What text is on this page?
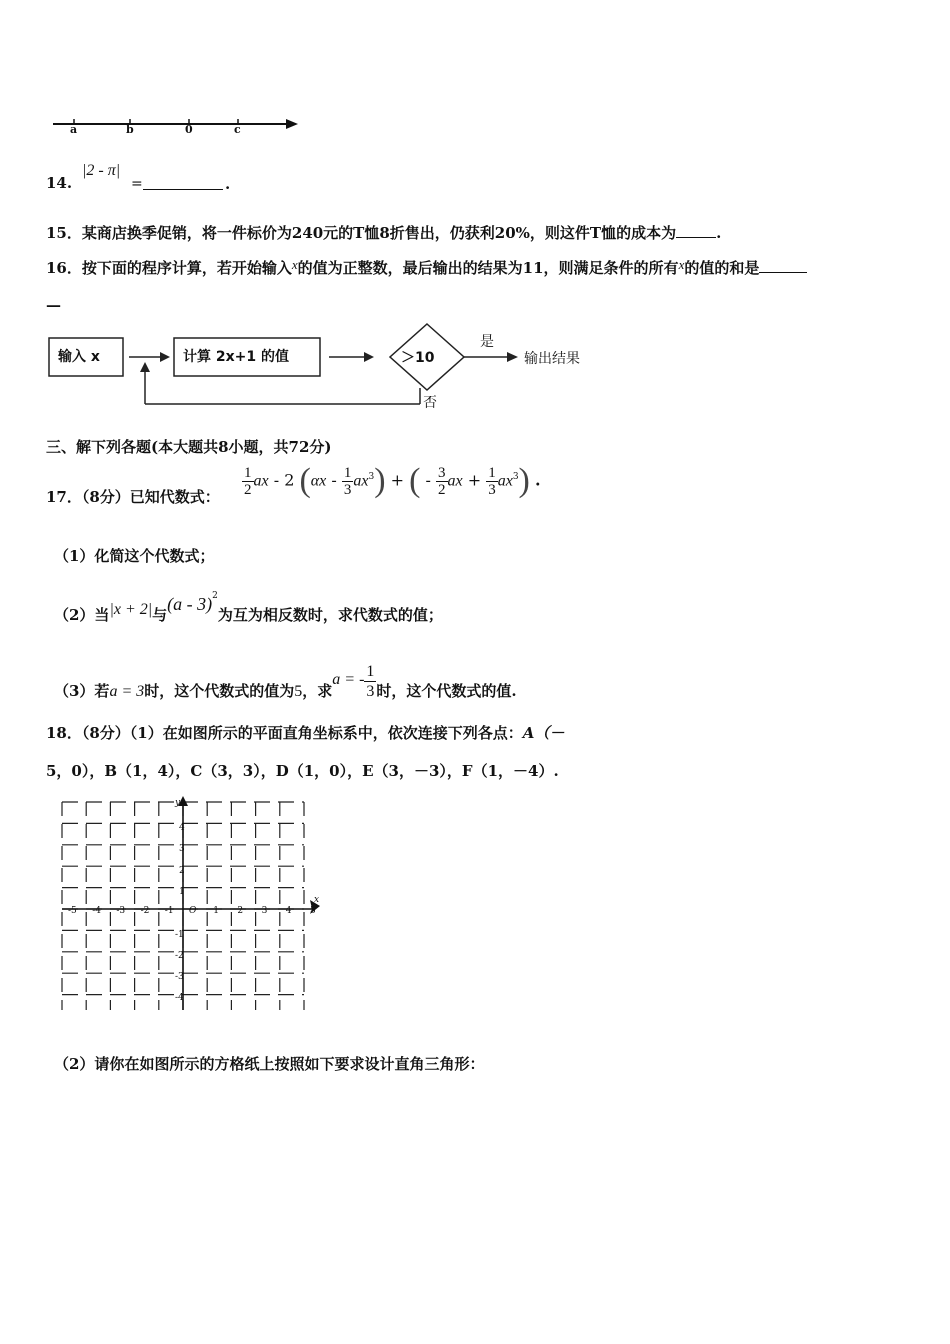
a	b	0	c
14.
|2 - π|
=	.
15．某商店换季促销，将一件标价为240元的T恤8折售出，仍获利20%，则这件T恤的成本为	.
16．按下面的程序计算，若开始输入x的值为正整数，最后输出的结果为11，则满足条件的所有x的值的和是
—
输入 x	计算 2x+1 的值	＞10
是
输出结果
否
三、解下列各题(本大题共8小题，共72分)
17．（8分）已知代数式： $\frac{1}{2}$ ax - 2 $(\alpha x - \frac{1}{3} ax^3)$ + ( - $\frac{3}{2}$ ax + $\frac{1}{3} ax^3$) .
（1）化简这个代数式；
（2）当|x + 2|与(a - 3)$^2$为互为相反数时，求代数式的值；
（3）若a = 3时，这个代数式的值为5，求a = - $\frac{1}{3}$ 时，这个代数式的值.
18．（8分）（1）在如图所示的平面直角坐标系中，依次连接下列各点：A（－
5，0），B（1，4），C（3，3），D（1，0），E（3，－3），F（1，－4）.
y
x
-5 -4 -3 -2 -1 O 1 2 3 4 5
4
3
2
1
-1
-2
-3
-4
（2）请你在如图所示的方格纸上按照如下要求设计直角三角形：
